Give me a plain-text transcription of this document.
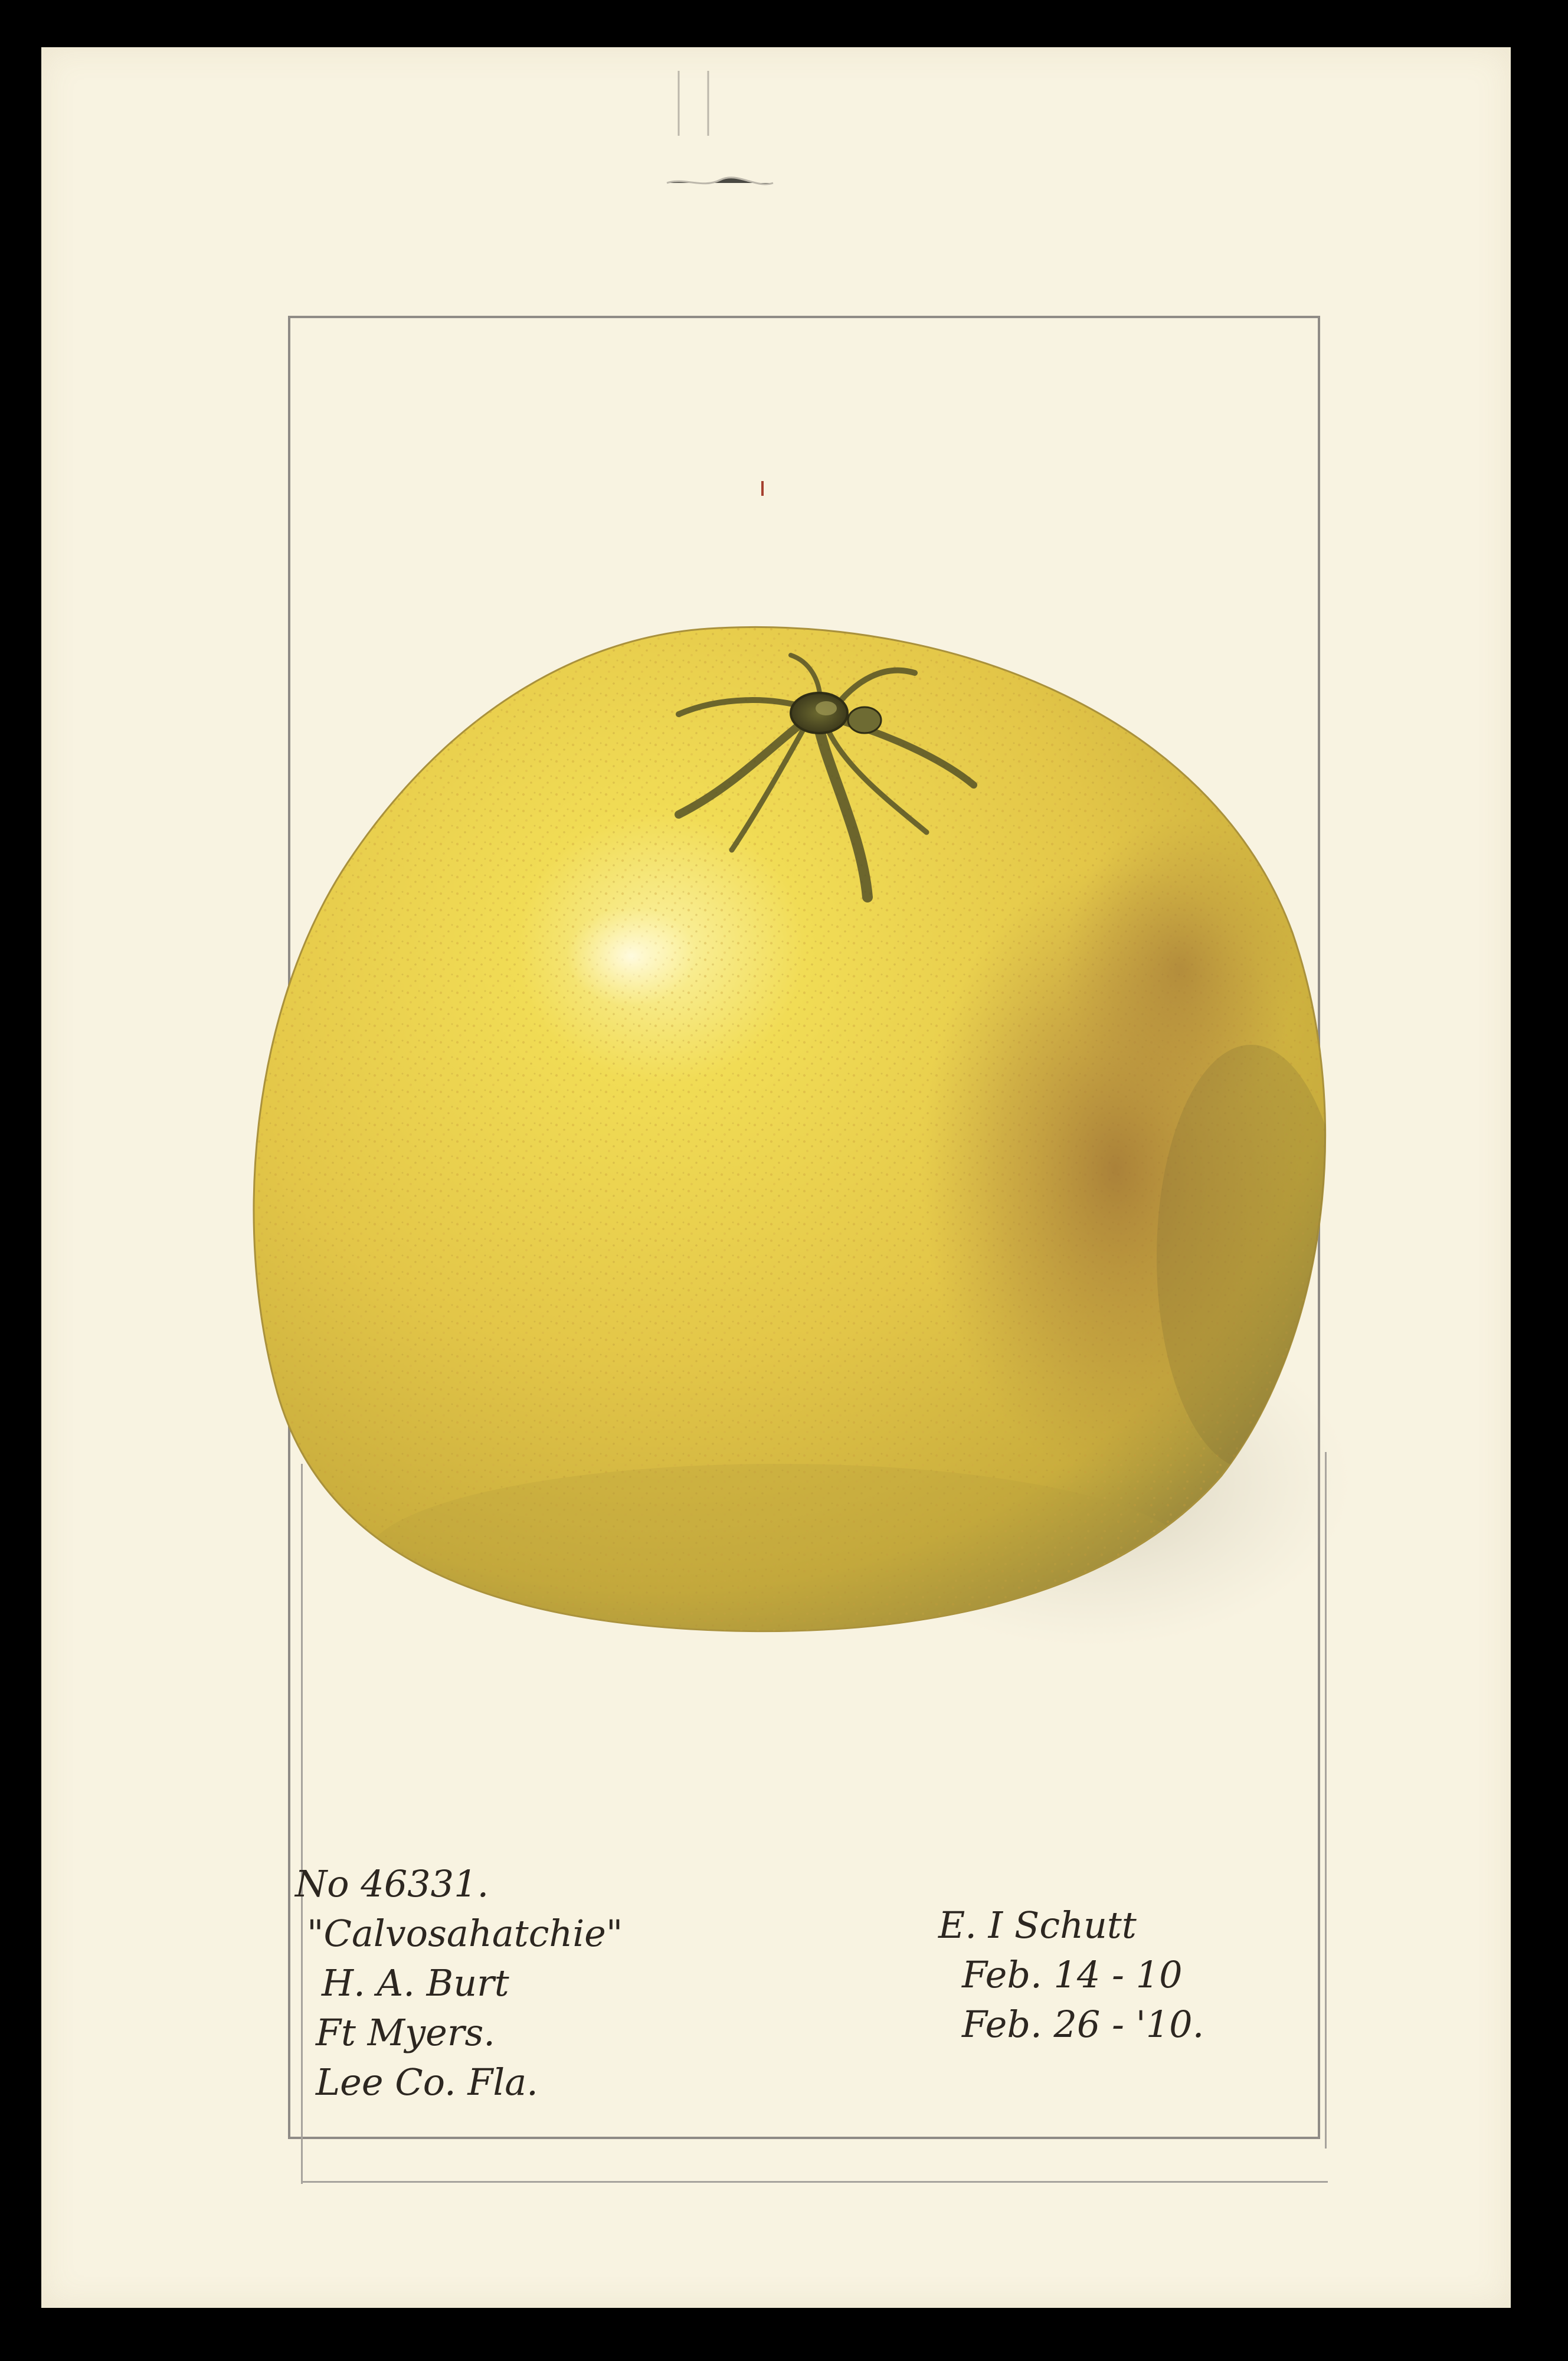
No 46331.
"Calvosahatchie"
H. A. Burt
Ft Myers.
Lee Co. Fla.
E. I Schutt
Feb. 14 - 10
Feb. 26 - '10.
